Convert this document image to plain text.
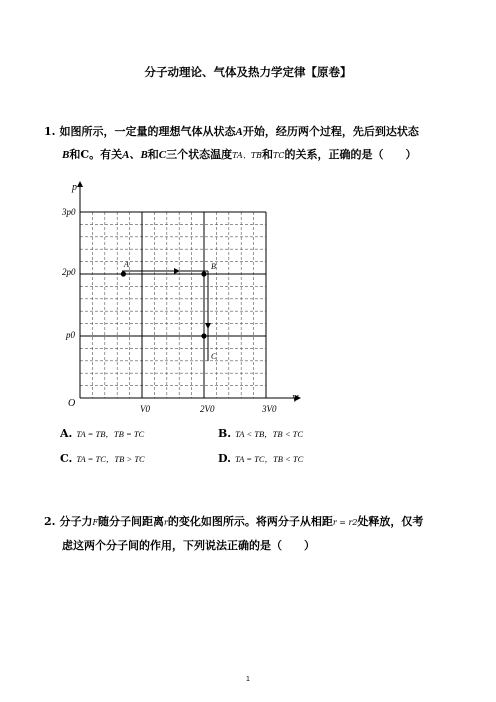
分子动理论、气体及热力学定律【原卷】
1. 如图所示，一定量的理想气体从状态A开始，经历两个过程，先后到达状态
B和C。有关A、B和C三个状态温度TA、TB和TC的关系，正确的是（　　）
p
V
O
3p0
2p0
p0
V0	2V0	3V0
A	B
C
A. TA = TB，TB = TC	B. TA < TB，TB < TC
C. TA = TC，TB > TC	D. TA = TC，TB < TC
2. 分子力F随分子间距离r的变化如图所示。将两分子从相距r = r2处释放，仅考
虑这两个分子间的作用，下列说法正确的是（　　）
1
